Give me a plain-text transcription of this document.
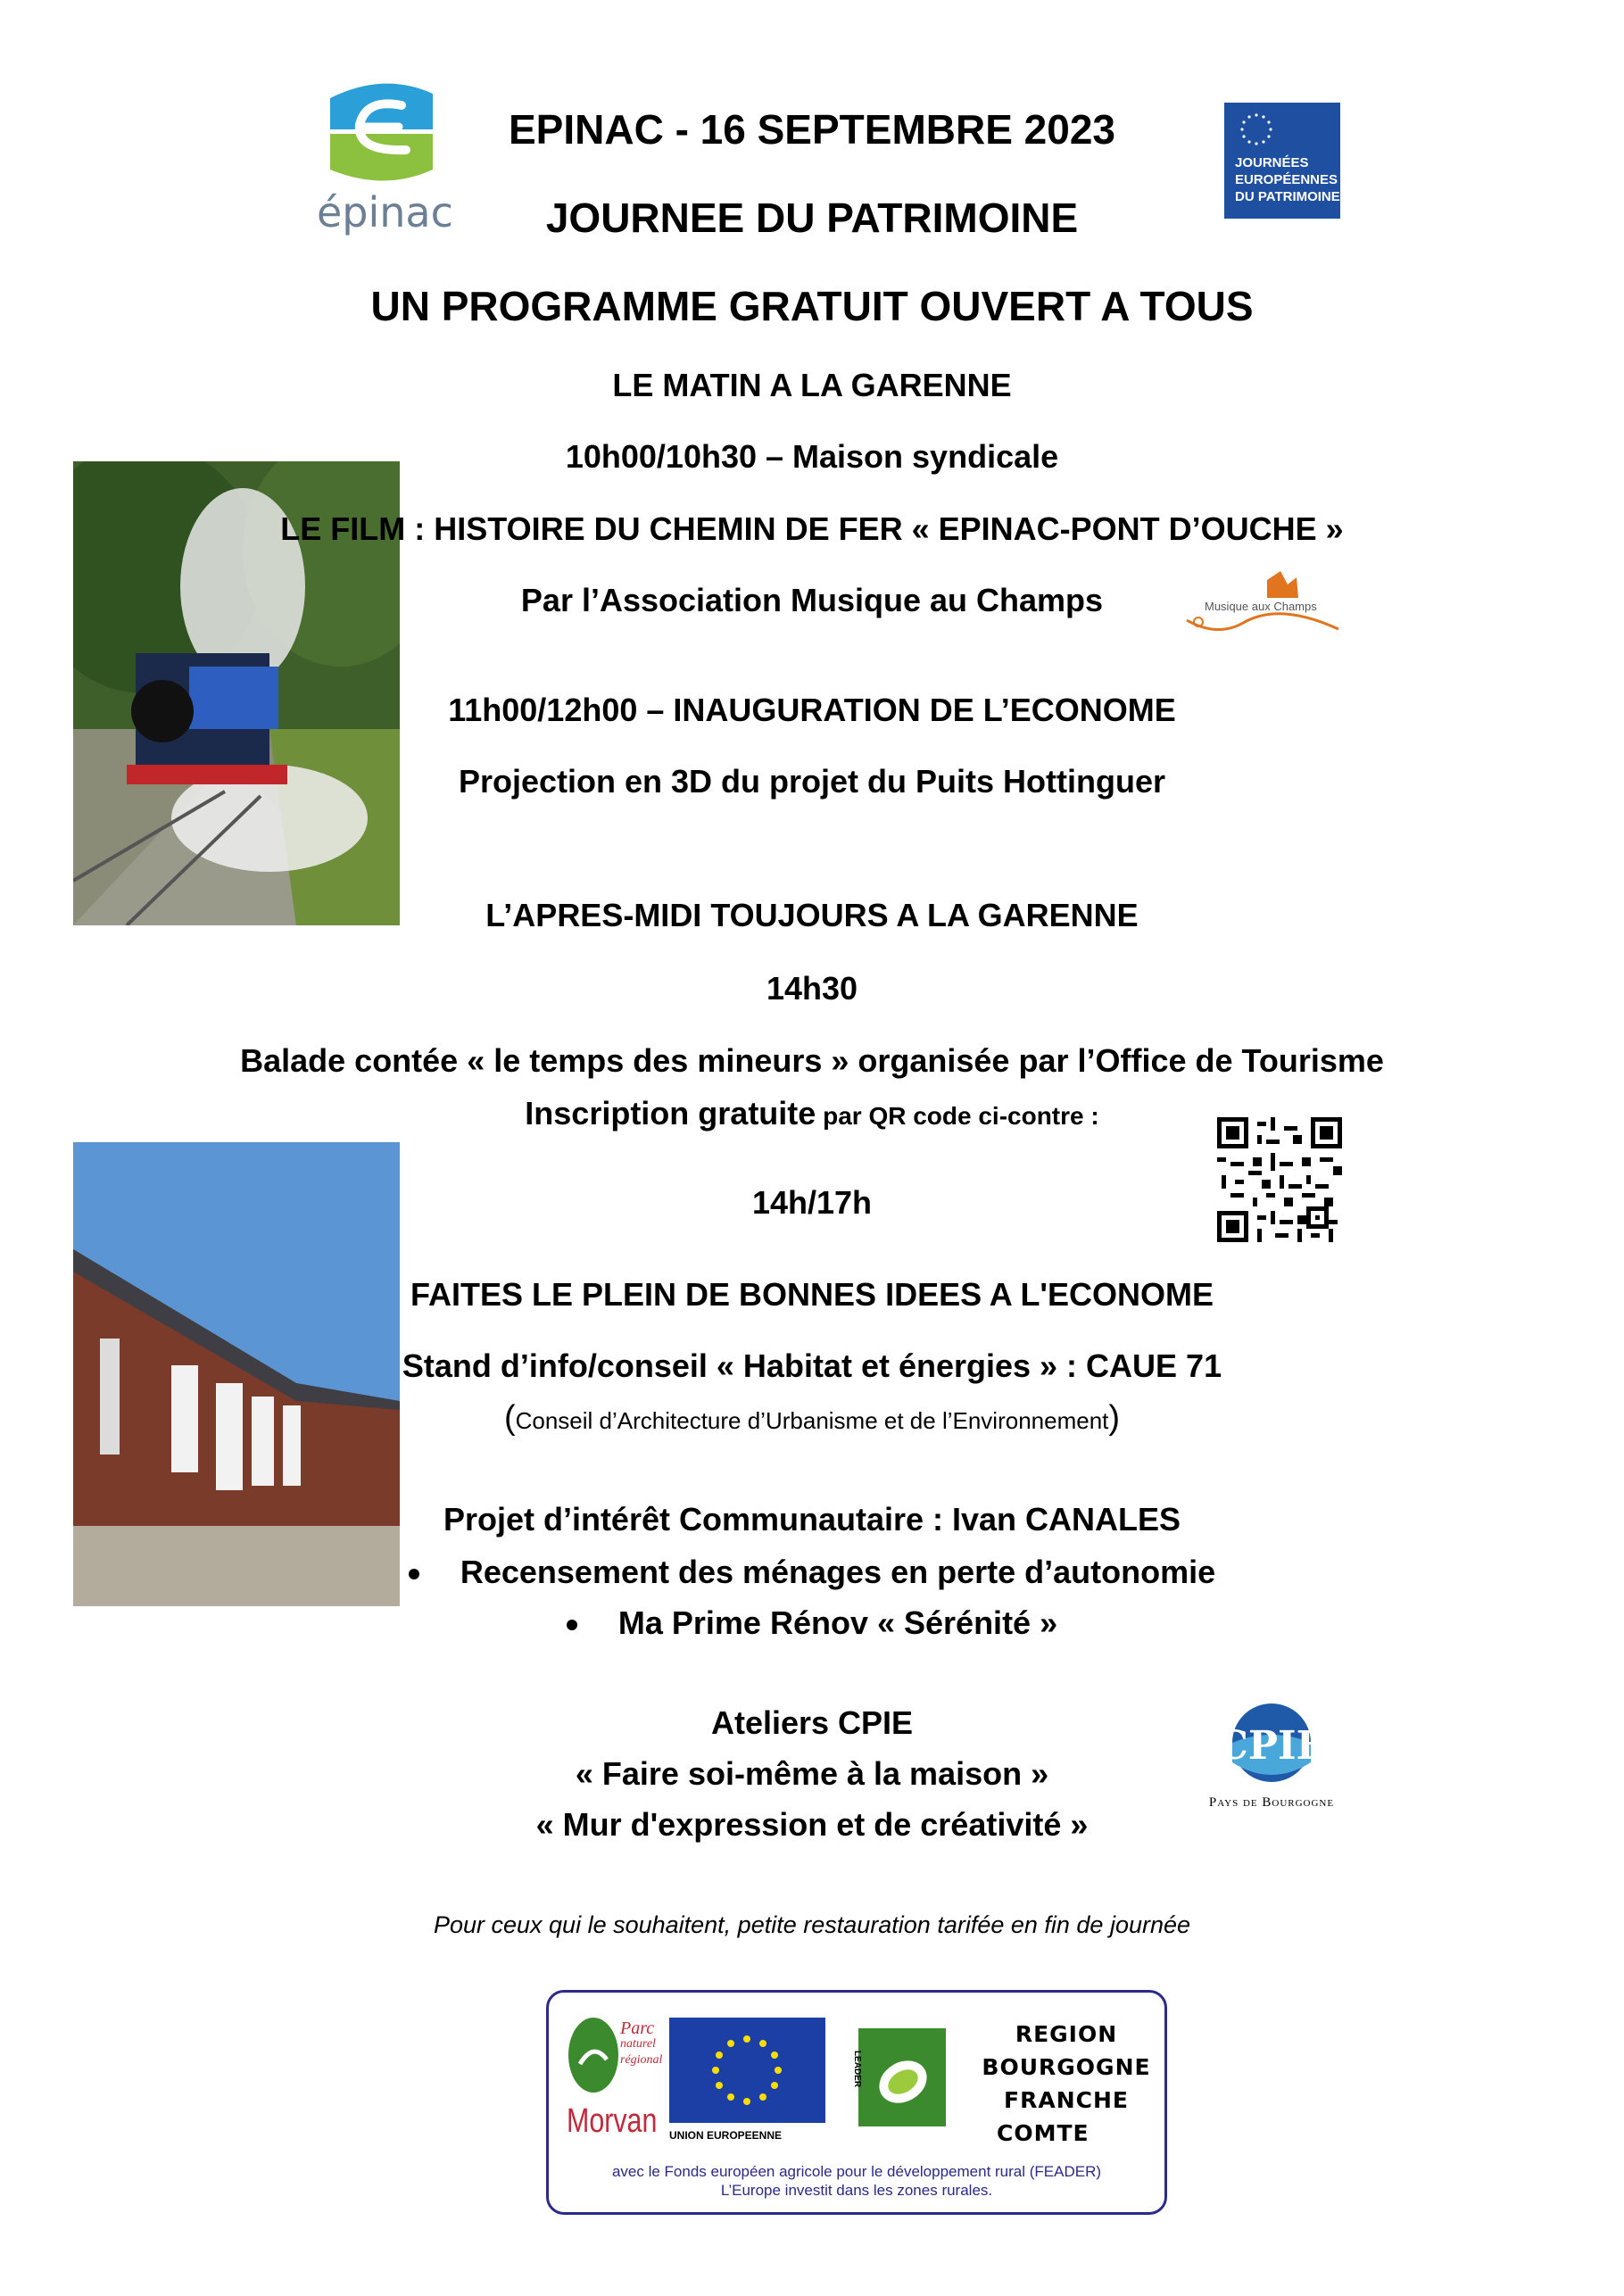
épinac
JOURNÉES
EUROPÉENNES
DU PATRIMOINE
EPINAC - 16 SEPTEMBRE 2023
JOURNEE DU PATRIMOINE
UN PROGRAMME GRATUIT OUVERT A TOUS
LE MATIN A LA GARENNE
10h00/10h30 – Maison syndicale
LE FILM : HISTOIRE DU CHEMIN DE FER « EPINAC-PONT D’OUCHE »
Par l’Association Musique au Champs	Musique aux Champs
11h00/12h00 – INAUGURATION DE L’ECONOME
Projection en 3D du projet du Puits Hottinguer
L’APRES-MIDI TOUJOURS A LA GARENNE
14h30
Balade contée « le temps des mineurs » organisée par l’Office de Tourisme
Inscription gratuite par QR code ci-contre :
14h/17h
FAITES LE PLEIN DE BONNES IDEES A L'ECONOME
Stand d’info/conseil « Habitat et énergies » : CAUE 71
(Conseil d’Architecture d’Urbanisme et de l’Environnement)
Projet d’intérêt Communautaire : Ivan CANALES
Recensement des ménages en perte d’autonomie
Ma Prime Rénov « Sérénité »
Ateliers CPIE
« Faire soi-même à la maison »
« Mur d'expression et de créativité »
CPIE
Pays de Bourgogne
Pour ceux qui le souhaitent, petite restauration tarifée en fin de journée
Parc
naturel
régional
Morvan UNION EUROPEENNE
LEADER
REGION
BOURGOGNE
FRANCHE
COMTE
avec le Fonds européen agricole pour le développement rural (FEADER)
L’Europe investit dans les zones rurales.
